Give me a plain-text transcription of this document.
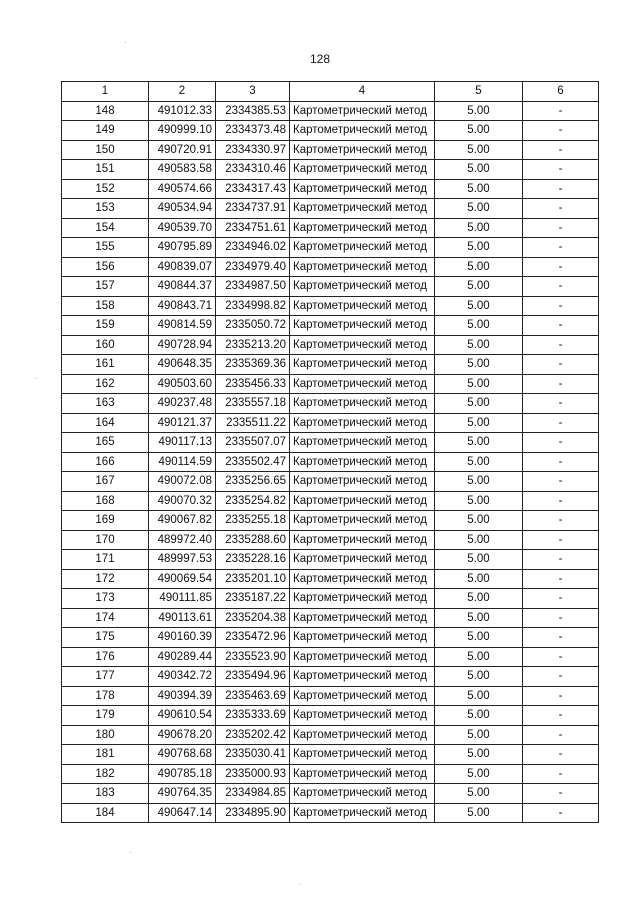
128
1	2	3	4	5	6
148	491012.33	2334385.53	Картометрический метод	5.00	-
149	490999.10	2334373.48	Картометрический метод	5.00	-
150	490720.91	2334330.97	Картометрический метод	5.00	-
151	490583.58	2334310.46	Картометрический метод	5.00	-
152	490574.66	2334317.43	Картометрический метод	5.00	-
153	490534.94	2334737.91	Картометрический метод	5.00	-
154	490539.70	2334751.61	Картометрический метод	5.00	-
155	490795.89	2334946.02	Картометрический метод	5.00	-
156	490839.07	2334979.40	Картометрический метод	5.00	-
157	490844.37	2334987.50	Картометрический метод	5.00	-
158	490843.71	2334998.82	Картометрический метод	5.00	-
159	490814.59	2335050.72	Картометрический метод	5.00	-
160	490728.94	2335213.20	Картометрический метод	5.00	-
161	490648.35	2335369.36	Картометрический метод	5.00	-
162	490503.60	2335456.33	Картометрический метод	5.00	-
163	490237.48	2335557.18	Картометрический метод	5.00	-
164	490121.37	2335511.22	Картометрический метод	5.00	-
165	490117.13	2335507.07	Картометрический метод	5.00	-
166	490114.59	2335502.47	Картометрический метод	5.00	-
167	490072.08	2335256.65	Картометрический метод	5.00	-
168	490070.32	2335254.82	Картометрический метод	5.00	-
169	490067.82	2335255.18	Картометрический метод	5.00	-
170	489972.40	2335288.60	Картометрический метод	5.00	-
171	489997.53	2335228.16	Картометрический метод	5.00	-
172	490069.54	2335201.10	Картометрический метод	5.00	-
173	490111.85	2335187.22	Картометрический метод	5.00	-
174	490113.61	2335204.38	Картометрический метод	5.00	-
175	490160.39	2335472.96	Картометрический метод	5.00	-
176	490289.44	2335523.90	Картометрический метод	5.00	-
177	490342.72	2335494.96	Картометрический метод	5.00	-
178	490394.39	2335463.69	Картометрический метод	5.00	-
179	490610.54	2335333.69	Картометрический метод	5.00	-
180	490678.20	2335202.42	Картометрический метод	5.00	-
181	490768.68	2335030.41	Картометрический метод	5.00	-
182	490785.18	2335000.93	Картометрический метод	5.00	-
183	490764.35	2334984.85	Картометрический метод	5.00	-
184	490647.14	2334895.90	Картометрический метод	5.00	-
